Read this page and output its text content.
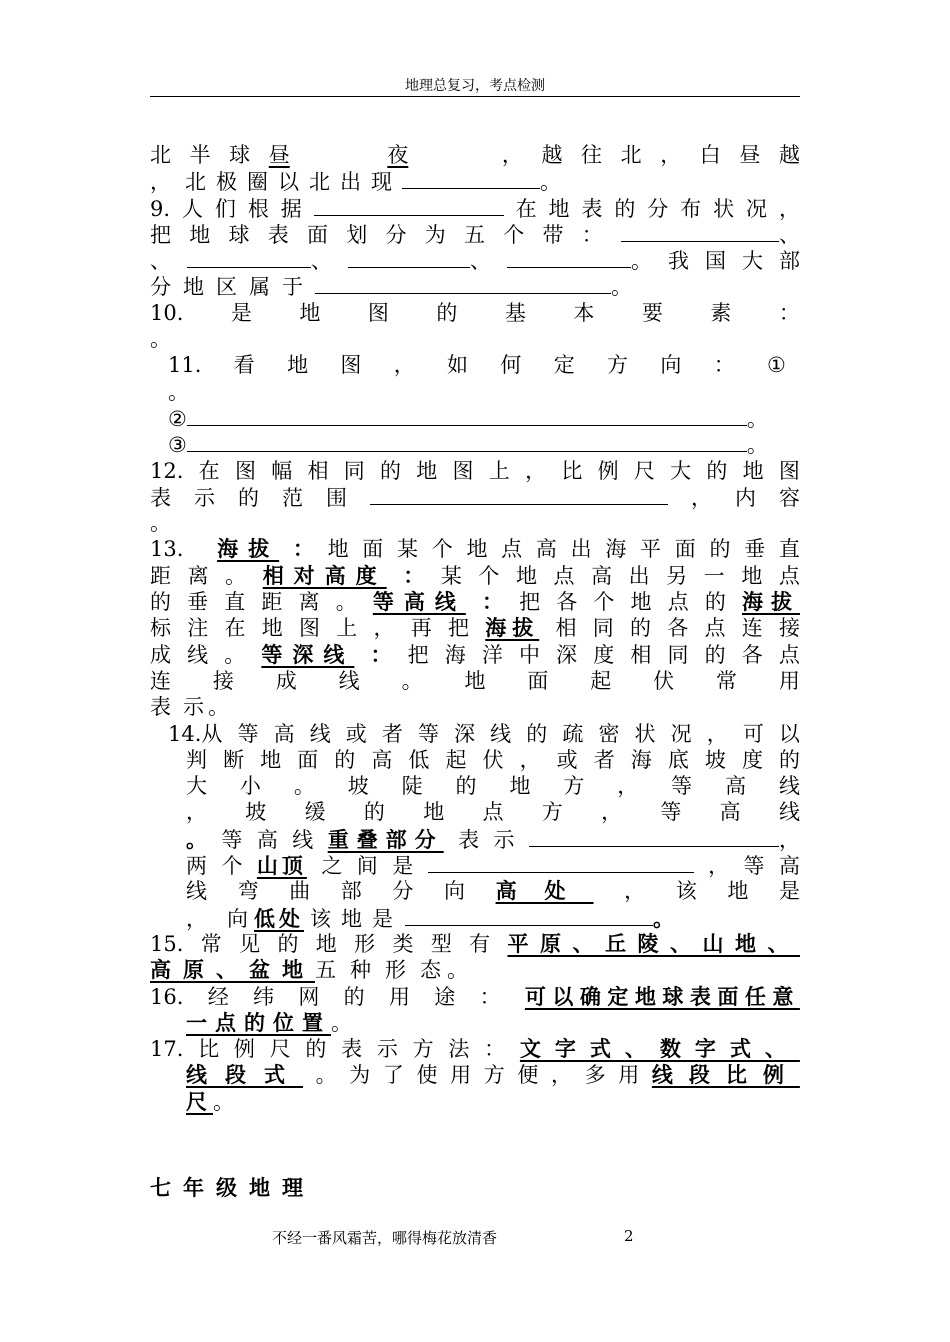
地理总复习，考点检测
北 半 球 昼	夜	， 越 往 北 ， 白 昼 越
， 北 极 圈 以 北 出 现	。
9. 人 们 根 据	在 地 表 的 分 布 状 况 ，
把 地 球 表 面 划 分 为 五 个 带 ：	、
、	、	、	。 我 国 大 部
分 地 区 属 于	。
10. 是 地 图 的 基 本 要 素 ：
。
11. 看 地 图 ， 如 何 定 方 向 ： ①
。
②	。
③	。
12. 在 图 幅 相 同 的 地 图 上 ， 比 例 尺 大 的 地 图
表 示 的 范 围	， 内 容
。
13.	海拔 ： 地 面 某 个 地 点 高 出 海 平 面 的 垂 直
距 离 。 相对高度 ： 某 个 地 点 高 出 另 一 地 点
的 垂 直 距 离 。 等高线 ： 把 各 个 地 点 的 海拔
标 注 在 地 图 上 ， 再 把 海拔 相 同 的 各 点 连 接
成 线 。 等深线 ： 把 海 洋 中 深 度 相 同 的 各 点
连 接 成 线 。 地 面 起 伏 常 用
表 示 。
14.从 等 高 线 或 者 等 深 线 的 疏 密 状 况 ， 可 以
判 断 地 面 的 高 低 起 伏 ， 或 者 海 底 坡 度 的
大 小 。 坡 陡 的 地 方 ， 等 高 线
， 坡 缓 的 地 点 方 ， 等 高 线
。 等 高 线 重叠部分 表 示	，
两 个 山顶 之 间 是	， 等 高
线 弯 曲 部 分 向 高处 ， 该 地 是
， 向 低处 该 地 是	。
15. 常 见 的 地 形 类 型 有 平原、丘陵、山地、
高原、盆地 五 种 形 态 。
16. 经 纬 网 的 用 途 ： 可以确定地球表面任意
一点的位置 。
17. 比 例 尺 的 表 示 方 法 ： 文字式、数字式、
线段式 。 为 了 使 用 方 便 ， 多 用 线段比例
尺 。
七年级地理
不经一番风霜苦，哪得梅花放清香	2
